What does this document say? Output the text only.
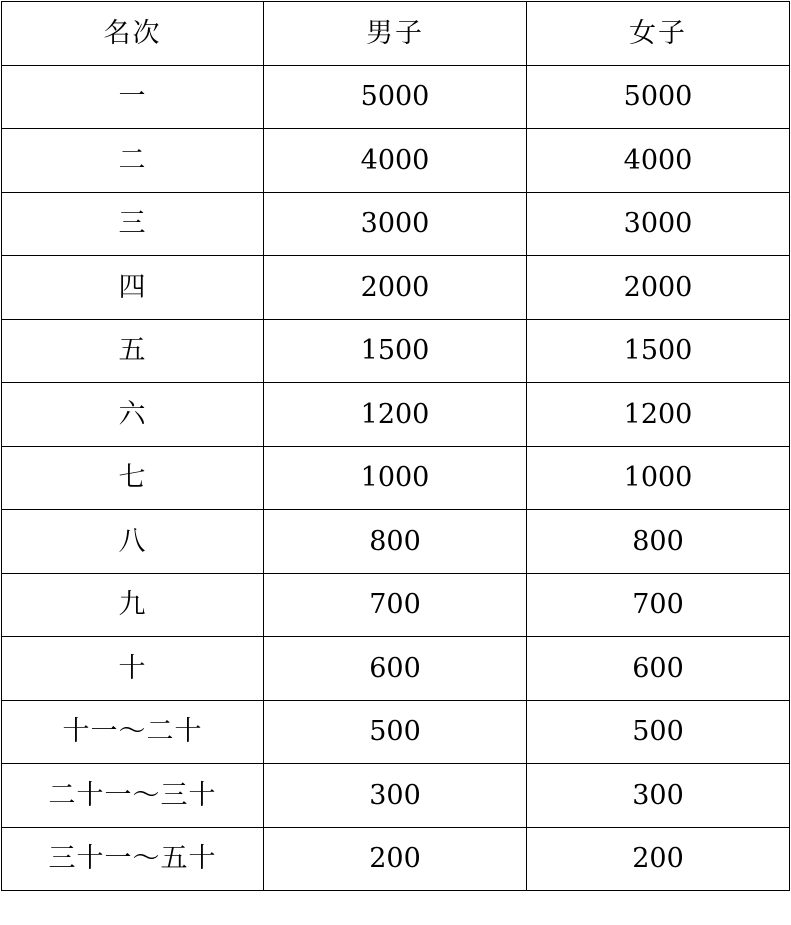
名次	男子	女子
一	5000	5000
二	4000	4000
三	3000	3000
四	2000	2000
五	1500	1500
六	1200	1200
七	1000	1000
八	800	800
九	700	700
十	600	600
十一～二十	500	500
二十一～三十	300	300
三十一～五十	200	200
